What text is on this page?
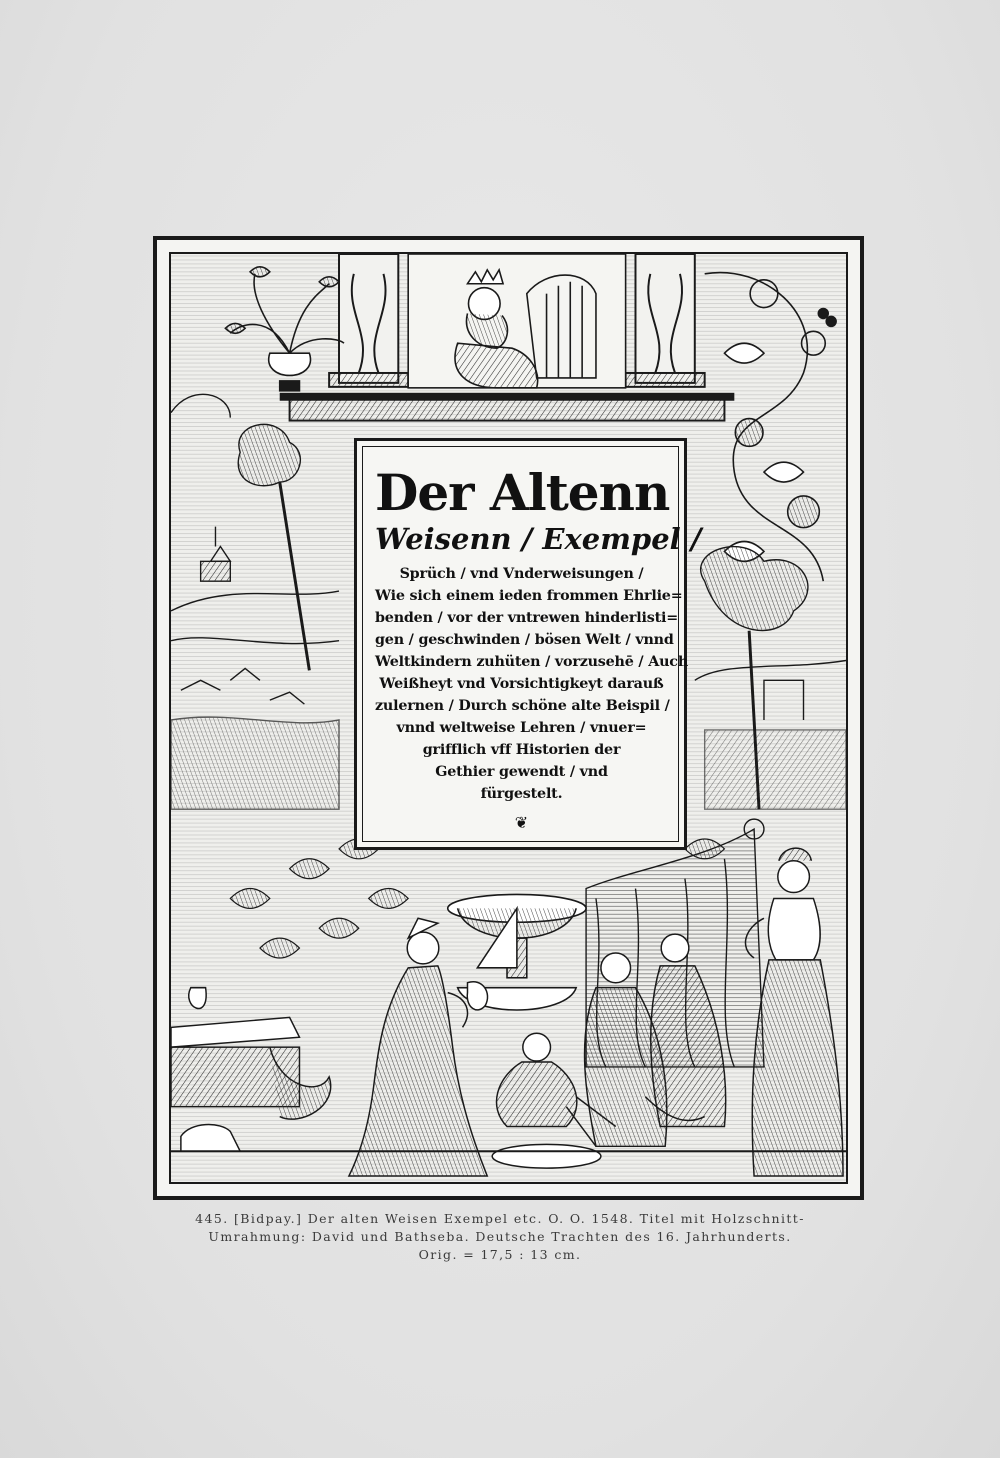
Der Altenn

Weisenn / Exempel /

Sprüch / vnd Vnderweisungen /

Wie sich einem ieden frommen Ehrlie=

benden / vor der vntrewen hinderlisti=

gen / geschwinden / bösen Welt / vnnd

Weltkindern zuhüten / vorzusehē / Auch

Weißheyt vnd Vorsichtigkeyt darauß

zulernen / Durch schöne alte Beispil /

vnnd weltweise Lehren / vnuer=

grifflich vff Historien der

Gethier gewendt / vnd

fürgestelt.

❦
445. [Bidpay.] Der alten Weisen Exempel etc. O. O. 1548. Titel mit Holzschnitt-
Umrahmung: David und Bathseba. Deutsche Trachten des 16. Jahrhunderts.
Orig. = 17,5 : 13 cm.
